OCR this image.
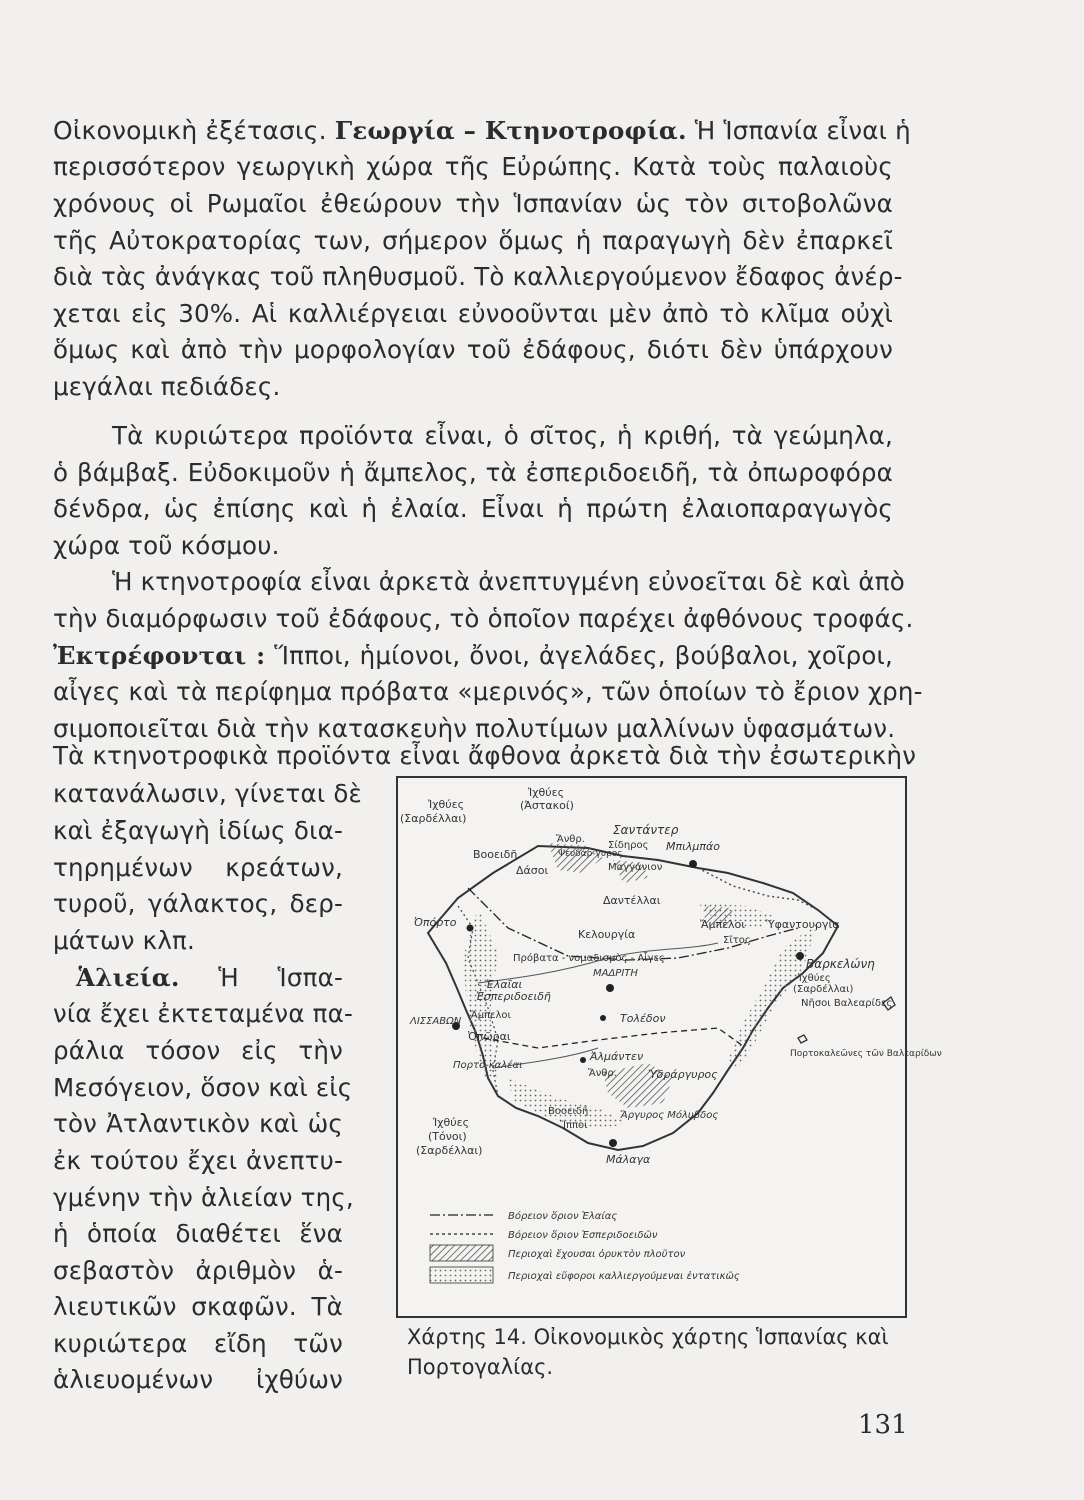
Οἰκονομικὴ ἐξέτασις. Γεωργία – Κτηνοτροφία. Ἡ Ἱσπανία εἶναι ἡ
περισσότερον γεωργικὴ χώρα τῆς Εὐρώπης. Κατὰ τοὺς παλαιοὺς
χρόνους οἱ Ρωμαῖοι ἐθεώρουν τὴν Ἱσπανίαν ὡς τὸν σιτοβολῶνα
τῆς Αὐτοκρατορίας των, σήμερον ὅμως ἡ παραγωγὴ δὲν ἐπαρκεῖ
διὰ τὰς ἀνάγκας τοῦ πληθυσμοῦ. Τὸ καλλιεργούμενον ἔδαφος ἀνέρ-
χεται εἰς 30%. Αἱ καλλιέργειαι εὐνοοῦνται μὲν ἀπὸ τὸ κλῖμα οὐχὶ
ὅμως καὶ ἀπὸ τὴν μορφολογίαν τοῦ ἐδάφους, διότι δὲν ὑπάρχουν
μεγάλαι πεδιάδες.
Τὰ κυριώτερα προϊόντα εἶναι, ὁ σῖτος, ἡ κριθή, τὰ γεώμηλα,
ὁ βάμβαξ. Εὐδοκιμοῦν ἡ ἄμπελος, τὰ ἐσπεριδοειδῆ, τὰ ὀπωροφόρα
δένδρα, ὡς ἐπίσης καὶ ἡ ἐλαία. Εἶναι ἡ πρώτη ἐλαιοπαραγωγὸς
χώρα τοῦ κόσμου.
Ἡ κτηνοτροφία εἶναι ἀρκετὰ ἀνεπτυγμένη εὐνοεῖται δὲ καὶ ἀπὸ
τὴν διαμόρφωσιν τοῦ ἐδάφους, τὸ ὁποῖον παρέχει ἀφθόνους τροφάς.
Ἐκτρέφονται : Ἵπποι, ἡμίονοι, ὄνοι, ἀγελάδες, βούβαλοι, χοῖροι,
αἶγες καὶ τὰ περίφημα πρόβατα «μερινός», τῶν ὁποίων τὸ ἔριον χρη-
σιμοποιεῖται διὰ τὴν κατασκευὴν πολυτίμων μαλλίνων ὑφασμάτων.
Τὰ κτηνοτροφικὰ προϊόντα εἶναι ἄφθονα ἀρκετὰ διὰ τὴν ἐσωτερικὴν
κατανάλωσιν, γίνεται δὲ
καὶ ἐξαγωγὴ ἰδίως δια-
τηρημένων κρεάτων,
τυροῦ, γάλακτος, δερ-
μάτων κλπ.
Ἁλιεία. Ἡ Ἱσπα-
νία ἔχει ἐκτεταμένα πα-
ράλια τόσον εἰς τὴν
Μεσόγειον, ὅσον καὶ εἰς
τὸν Ἀτλαντικὸν καὶ ὡς
ἐκ τούτου ἔχει ἀνεπτυ-
γμένην τὴν ἁλιείαν της,
ἡ ὁποία διαθέτει ἕνα
σεβαστὸν ἀριθμὸν ἁ-
λιευτικῶν σκαφῶν. Τὰ
κυριώτερα εἴδη τῶν
ἁλιευομένων ἰχθύων
Ἰχθύες
(Ἀστακοί)
Ἰχθύες
(Σαρδέλλαι)
Σαντάντερ
Βοοειδῆ
Ἄνθρ.
Σίδηρος
Ψευδάρ-γυρος
Δάσοι
Μπιλμπάο
Μαγγάνιον
Δαντέλλαι
Ὀπόρτο	Ἄμπελοι
Σῖτος
Ὑφαντουργία
Κελουργία
Πρόβατα - νομαδισμὸς - Αἶγες
ΜΑΔΡΙΤΗ
Βαρκελώνη
Ἰχθύες
(Σαρδέλλαι)
Ἐλαῖαι
Ἐσπεριδοειδῆ
ΛΙΣΣΑΒΩΝ
Ἄμπελοι	Τολέδον
Νῆσοι Βαλεαρίδες
Ὀπῶραι
Πορτο-καλέαι
Ἀλμάντεν
Ὑδράργυρος
Ἄνθρ.
Πορτοκαλεῶνες τῶν Βαλεαρίδων
Βοοειδῆ
Ἵπποι
Ἄργυρος Μόλυβδος
Ἰχθύες
(Τόνοι)
(Σαρδέλλαι)
Μάλαγα
Βόρειον ὅριον Ἐλαίας
Βόρειον ὅριον Ἐσπεριδοειδῶν
Περιοχαὶ ἔχουσαι ὀρυκτὸν πλοῦτον
Περιοχαὶ εὔφοροι καλλιεργούμεναι ἐντατικῶς
Χάρτης 14. Οἰκονομικὸς χάρτης Ἱσπανίας καὶ
Πορτογαλίας.
131
